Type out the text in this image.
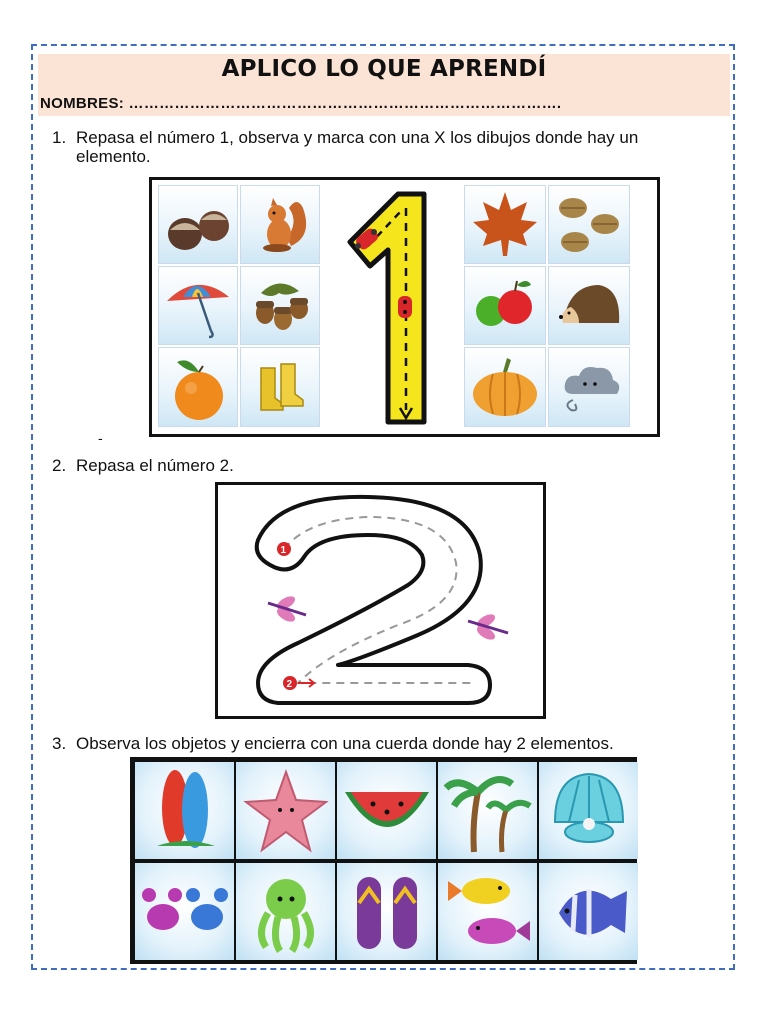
APLICO LO QUE APRENDÍ
NOMBRES: ………………………………………………………………………….
1. Repasa el número 1, observa y marca con una X los dibujos donde hay un elemento.
-
2. Repasa el número 2.
1
2
3. Observa los objetos y encierra con una cuerda donde hay 2 elementos.
